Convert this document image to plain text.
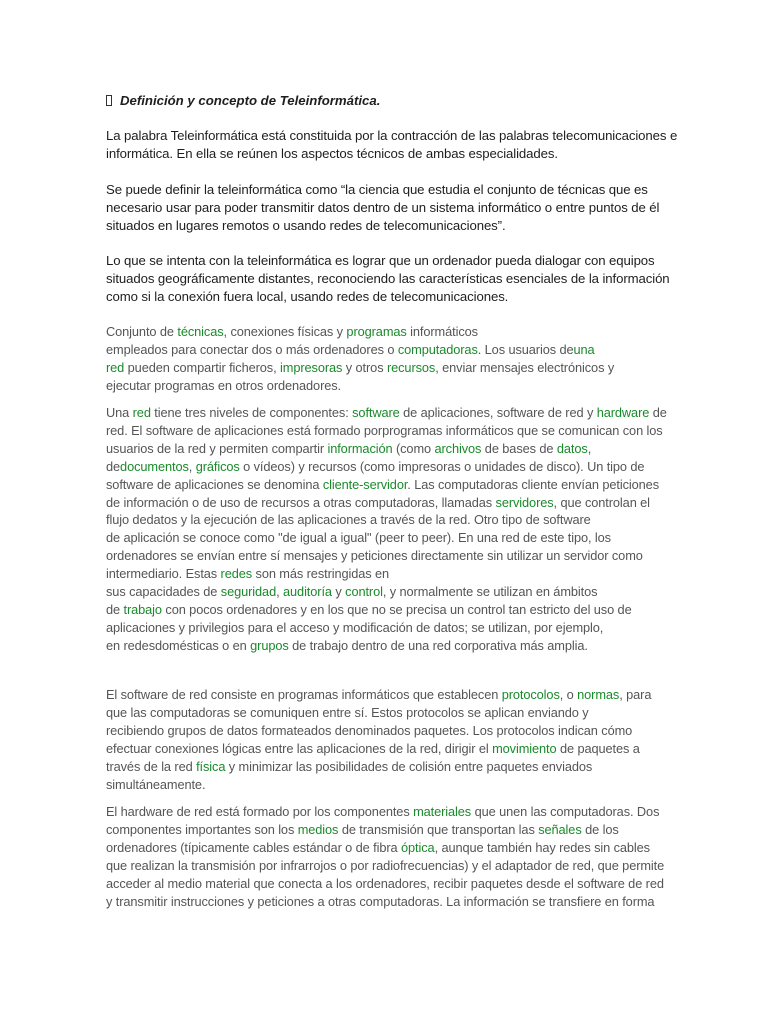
Definición y concepto de Teleinformática.
La palabra Teleinformática está constituida por la contracción de las palabras telecomunicaciones e
informática. En ella se reúnen los aspectos técnicos de ambas especialidades.
Se puede definir la teleinformática como “la ciencia que estudia el conjunto de técnicas que es
necesario usar para poder transmitir datos dentro de un sistema informático o entre puntos de él
situados en lugares remotos o usando redes de telecomunicaciones”.
Lo que se intenta con la teleinformática es lograr que un ordenador pueda dialogar con equipos
situados geográficamente distantes, reconociendo las características esenciales de la información
como si la conexión fuera local, usando redes de telecomunicaciones.
Conjunto de técnicas, conexiones físicas y programas informáticos
empleados para conectar dos o más ordenadores o computadoras. Los usuarios deuna
red pueden compartir ficheros, impresoras y otros recursos, enviar mensajes electrónicos y
ejecutar programas en otros ordenadores.
Una red tiene tres niveles de componentes: software de aplicaciones, software de red y hardware de
red. El software de aplicaciones está formado porprogramas informáticos que se comunican con los
usuarios de la red y permiten compartir información (como archivos de bases de datos,
dedocumentos, gráficos o vídeos) y recursos (como impresoras o unidades de disco). Un tipo de
software de aplicaciones se denomina cliente-servidor. Las computadoras cliente envían peticiones
de información o de uso de recursos a otras computadoras, llamadas servidores, que controlan el
flujo dedatos y la ejecución de las aplicaciones a través de la red. Otro tipo de software
de aplicación se conoce como "de igual a igual" (peer to peer). En una red de este tipo, los
ordenadores se envían entre sí mensajes y peticiones directamente sin utilizar un servidor como
intermediario. Estas redes son más restringidas en
sus capacidades de seguridad, auditoría y control, y normalmente se utilizan en ámbitos
de trabajo con pocos ordenadores y en los que no se precisa un control tan estricto del uso de
aplicaciones y privilegios para el acceso y modificación de datos; se utilizan, por ejemplo,
en redesdomésticas o en grupos de trabajo dentro de una red corporativa más amplia.
El software de red consiste en programas informáticos que establecen protocolos, o normas, para
que las computadoras se comuniquen entre sí. Estos protocolos se aplican enviando y
recibiendo grupos de datos formateados denominados paquetes. Los protocolos indican cómo
efectuar conexiones lógicas entre las aplicaciones de la red, dirigir el movimiento de paquetes a
través de la red física y minimizar las posibilidades de colisión entre paquetes enviados
simultáneamente.
El hardware de red está formado por los componentes materiales que unen las computadoras. Dos
componentes importantes son los medios de transmisión que transportan las señales de los
ordenadores (típicamente cables estándar o de fibra óptica, aunque también hay redes sin cables
que realizan la transmisión por infrarrojos o por radiofrecuencias) y el adaptador de red, que permite
acceder al medio material que conecta a los ordenadores, recibir paquetes desde el software de red
y transmitir instrucciones y peticiones a otras computadoras. La información se transfiere en forma
